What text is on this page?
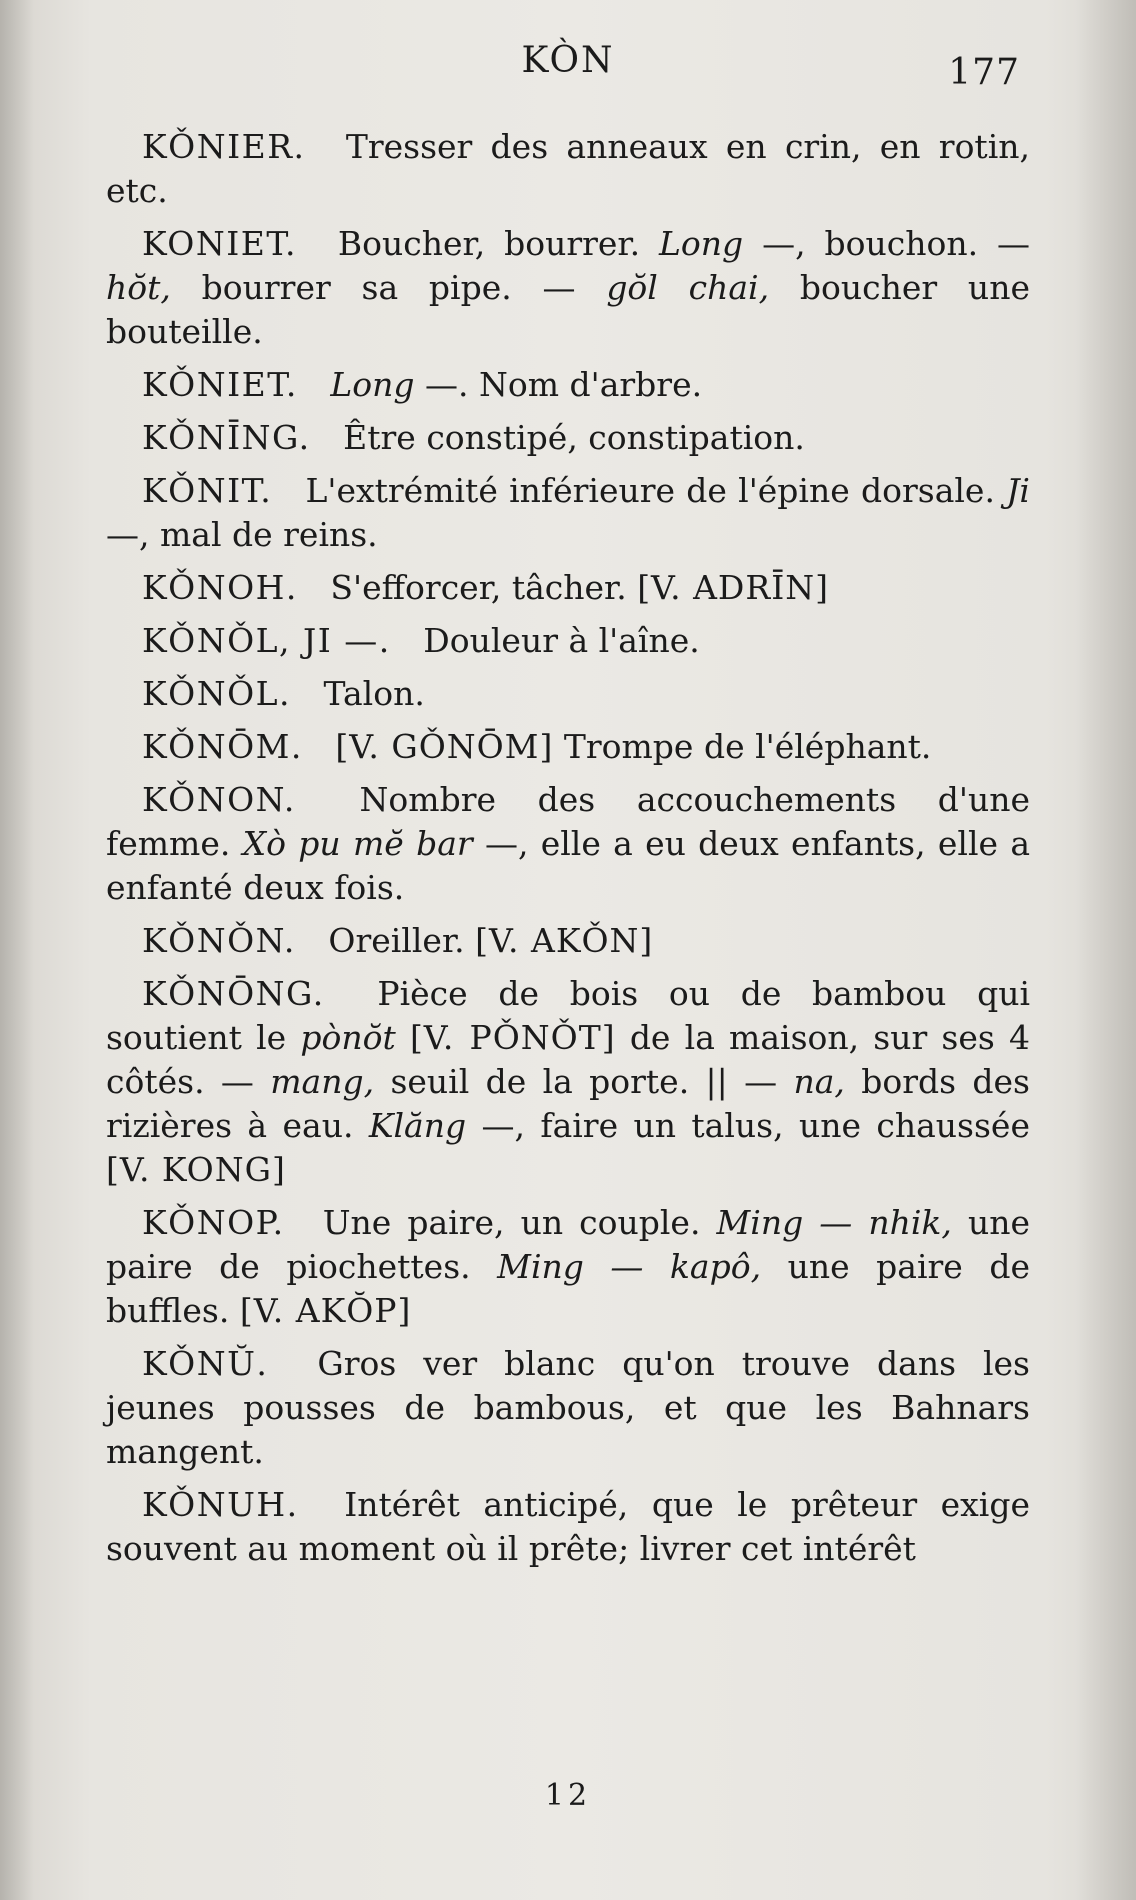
KÒN	177

KǑNIER. Tresser des anneaux en crin, en rotin, etc.

KONIET. Boucher, bourrer. Long —, bouchon. — hŏt, bourrer sa pipe. — gŏl chai, boucher une bouteille.

KǑNIET. Long —. Nom d'arbre.

KǑNĪNG. Être constipé, constipation.

KǑNIT. L'extrémité inférieure de l'épine dorsale. Ji —, mal de reins.

KǑNOH. S'efforcer, tâcher. [V. ADRĪN]

KǑNǑL, JI —. Douleur à l'aîne.

KǑNǑL. Talon.

KǑNŌM. [V. GǑNŌM] Trompe de l'éléphant.

KǑNON. Nombre des accouchements d'une femme. Xò pu mĕ bar —, elle a eu deux enfants, elle a enfanté deux fois.

KǑNǑN. Oreiller. [V. AKǑN]

KǑNŌNG. Pièce de bois ou de bambou qui soutient le pònŏt [V. PǑNǑT] de la maison, sur ses 4 côtés. — mang, seuil de la porte. || — na, bords des rizières à eau. Klăng —, faire un talus, une chaussée [V. KONG]

KǑNOP. Une paire, un couple. Ming — nhik, une paire de piochettes. Ming — kapô, une paire de buffles. [V. AKŎP]

KǑNŬ. Gros ver blanc qu'on trouve dans les jeunes pousses de bambous, et que les Bahnars mangent.

KǑNUH. Intérêt anticipé, que le prêteur exige souvent au moment où il prête; livrer cet intérêt

12
